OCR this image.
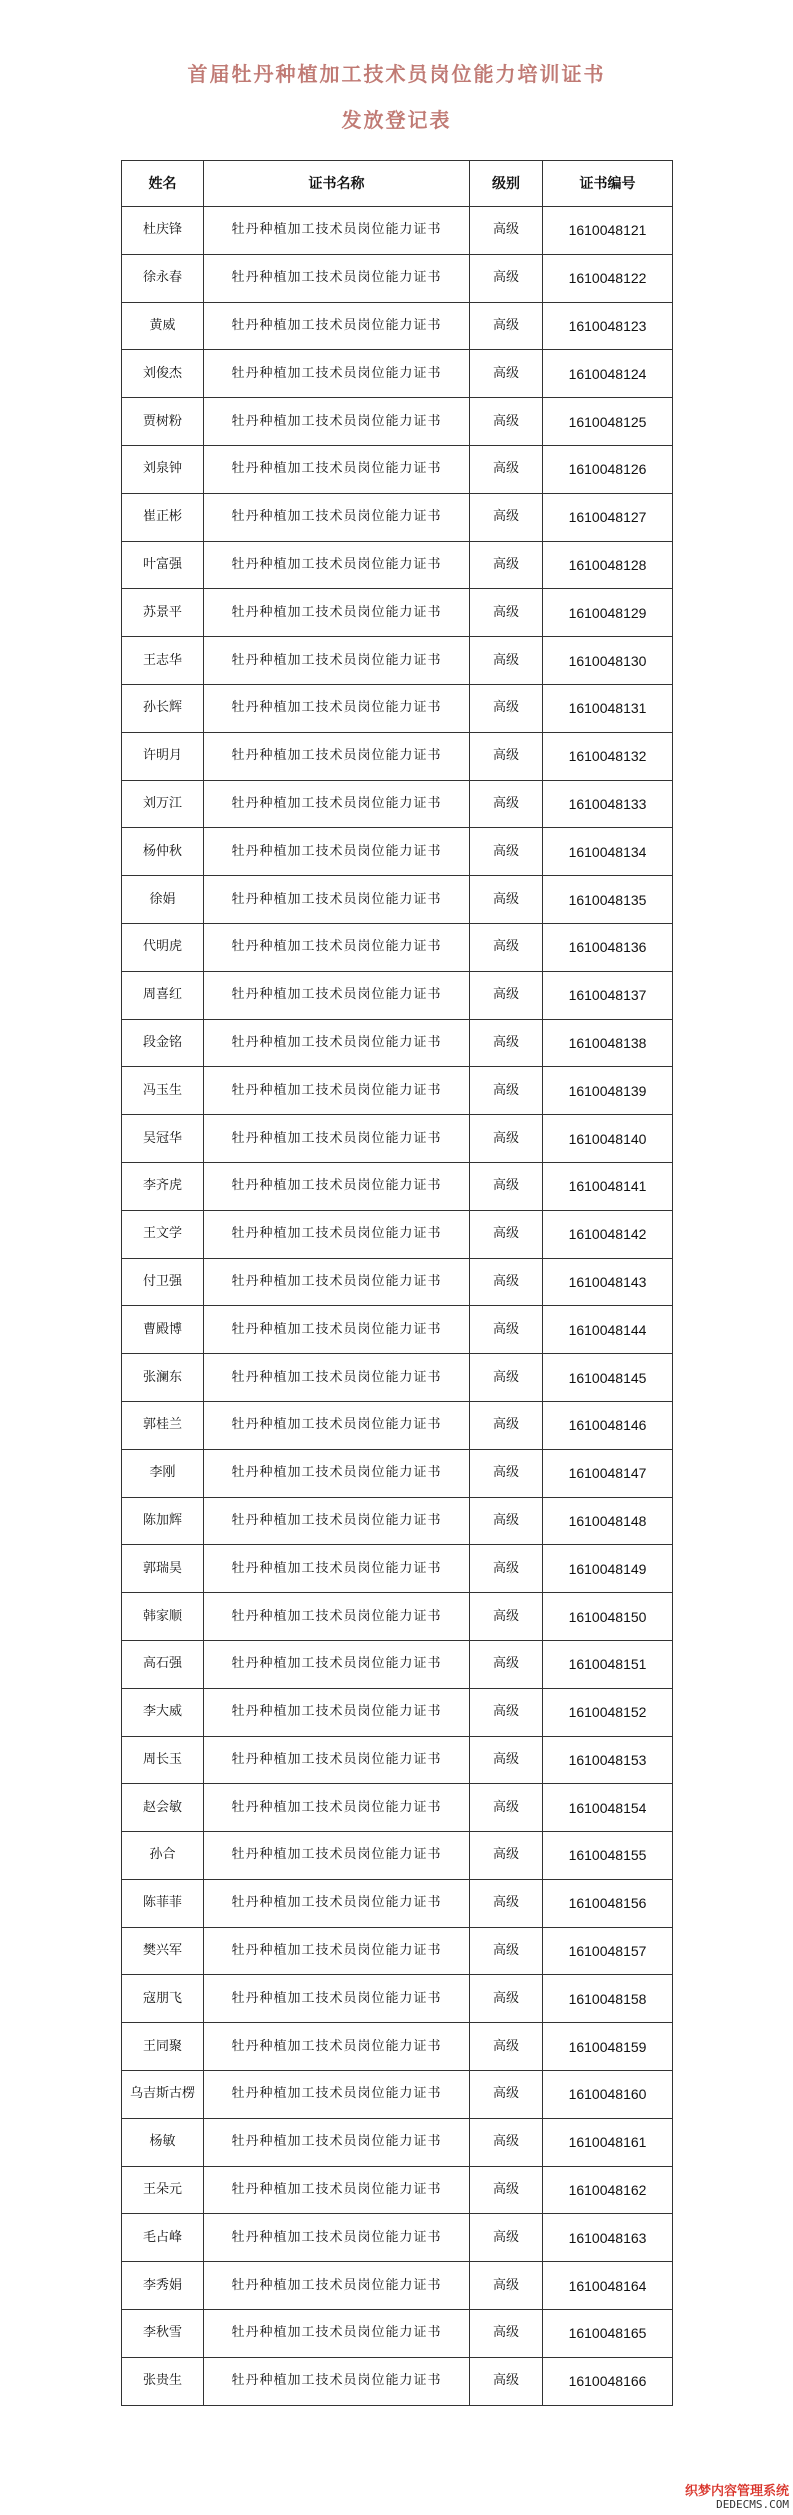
首届牡丹种植加工技术员岗位能力培训证书
发放登记表
姓名	证书名称	级别	证书编号
杜庆锋	牡丹种植加工技术员岗位能力证书	高级	1610048121
徐永春	牡丹种植加工技术员岗位能力证书	高级	1610048122
黄威	牡丹种植加工技术员岗位能力证书	高级	1610048123
刘俊杰	牡丹种植加工技术员岗位能力证书	高级	1610048124
贾树粉	牡丹种植加工技术员岗位能力证书	高级	1610048125
刘泉钟	牡丹种植加工技术员岗位能力证书	高级	1610048126
崔正彬	牡丹种植加工技术员岗位能力证书	高级	1610048127
叶富强	牡丹种植加工技术员岗位能力证书	高级	1610048128
苏景平	牡丹种植加工技术员岗位能力证书	高级	1610048129
王志华	牡丹种植加工技术员岗位能力证书	高级	1610048130
孙长辉	牡丹种植加工技术员岗位能力证书	高级	1610048131
许明月	牡丹种植加工技术员岗位能力证书	高级	1610048132
刘万江	牡丹种植加工技术员岗位能力证书	高级	1610048133
杨仲秋	牡丹种植加工技术员岗位能力证书	高级	1610048134
徐娟	牡丹种植加工技术员岗位能力证书	高级	1610048135
代明虎	牡丹种植加工技术员岗位能力证书	高级	1610048136
周喜红	牡丹种植加工技术员岗位能力证书	高级	1610048137
段金铭	牡丹种植加工技术员岗位能力证书	高级	1610048138
冯玉生	牡丹种植加工技术员岗位能力证书	高级	1610048139
吴冠华	牡丹种植加工技术员岗位能力证书	高级	1610048140
李齐虎	牡丹种植加工技术员岗位能力证书	高级	1610048141
王文学	牡丹种植加工技术员岗位能力证书	高级	1610048142
付卫强	牡丹种植加工技术员岗位能力证书	高级	1610048143
曹殿博	牡丹种植加工技术员岗位能力证书	高级	1610048144
张澜东	牡丹种植加工技术员岗位能力证书	高级	1610048145
郭桂兰	牡丹种植加工技术员岗位能力证书	高级	1610048146
李刚	牡丹种植加工技术员岗位能力证书	高级	1610048147
陈加辉	牡丹种植加工技术员岗位能力证书	高级	1610048148
郭瑞昊	牡丹种植加工技术员岗位能力证书	高级	1610048149
韩家顺	牡丹种植加工技术员岗位能力证书	高级	1610048150
高石强	牡丹种植加工技术员岗位能力证书	高级	1610048151
李大威	牡丹种植加工技术员岗位能力证书	高级	1610048152
周长玉	牡丹种植加工技术员岗位能力证书	高级	1610048153
赵会敏	牡丹种植加工技术员岗位能力证书	高级	1610048154
孙合	牡丹种植加工技术员岗位能力证书	高级	1610048155
陈菲菲	牡丹种植加工技术员岗位能力证书	高级	1610048156
樊兴军	牡丹种植加工技术员岗位能力证书	高级	1610048157
寇朋飞	牡丹种植加工技术员岗位能力证书	高级	1610048158
王同聚	牡丹种植加工技术员岗位能力证书	高级	1610048159
乌吉斯古楞	牡丹种植加工技术员岗位能力证书	高级	1610048160
杨敏	牡丹种植加工技术员岗位能力证书	高级	1610048161
王朵元	牡丹种植加工技术员岗位能力证书	高级	1610048162
毛占峰	牡丹种植加工技术员岗位能力证书	高级	1610048163
李秀娟	牡丹种植加工技术员岗位能力证书	高级	1610048164
李秋雪	牡丹种植加工技术员岗位能力证书	高级	1610048165
张贵生	牡丹种植加工技术员岗位能力证书	高级	1610048166
织梦内容管理系统
DEDECMS.COM
